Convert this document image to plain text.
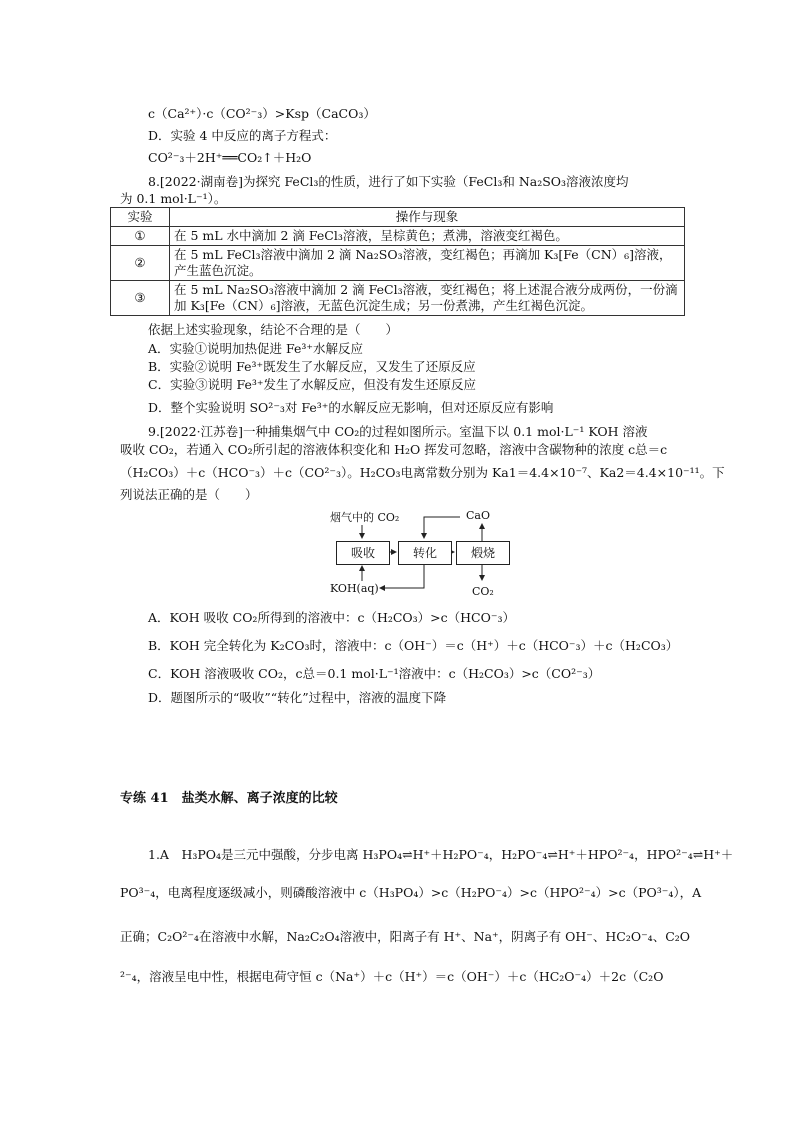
c（Ca²⁺）·c（CO²⁻₃）>Ksp（CaCO₃）
D．实验 4 中反应的离子方程式：
CO²⁻₃＋2H⁺══CO₂↑＋H₂O
8.[2022·湖南卷]为探究 FeCl₃的性质，进行了如下实验（FeCl₃和 Na₂SO₃溶液浓度均
为 0.1 mol·L⁻¹）。
实验	操作与现象
①	在 5 mL 水中滴加 2 滴 FeCl₃溶液，呈棕黄色；煮沸，溶液变红褐色。
②	在 5 mL FeCl₃溶液中滴加 2 滴 Na₂SO₃溶液，变红褐色；再滴加 K₃[Fe（CN）₆]溶液，产生蓝色沉淀。
③	在 5 mL Na₂SO₃溶液中滴加 2 滴 FeCl₃溶液，变红褐色；将上述混合液分成两份，一份滴加 K₃[Fe（CN）₆]溶液，无蓝色沉淀生成；另一份煮沸，产生红褐色沉淀。
依据上述实验现象，结论不合理的是（　　）
A．实验①说明加热促进 Fe³⁺水解反应
B．实验②说明 Fe³⁺既发生了水解反应，又发生了还原反应
C．实验③说明 Fe³⁺发生了水解反应，但没有发生还原反应
D．整个实验说明 SO²⁻₃对 Fe³⁺的水解反应无影响，但对还原反应有影响
9.[2022·江苏卷]一种捕集烟气中 CO₂的过程如图所示。室温下以 0.1 mol·L⁻¹ KOH 溶液
吸收 CO₂，若通入 CO₂所引起的溶液体积变化和 H₂O 挥发可忽略，溶液中含碳物种的浓度 c总＝c
（H₂CO₃）＋c（HCO⁻₃）＋c（CO²⁻₃）。H₂CO₃电离常数分别为 Ka1＝4.4×10⁻⁷、Ka2＝4.4×10⁻¹¹。下
列说法正确的是（　　）
烟气中的 CO₂	CaO
吸收	转化	煅烧
KOH(aq)	CO₂
A．KOH 吸收 CO₂所得到的溶液中：c（H₂CO₃）>c（HCO⁻₃）
B．KOH 完全转化为 K₂CO₃时，溶液中：c（OH⁻）＝c（H⁺）＋c（HCO⁻₃）＋c（H₂CO₃）
C．KOH 溶液吸收 CO₂，c总＝0.1 mol·L⁻¹溶液中：c（H₂CO₃）>c（CO²⁻₃）
D．题图所示的“吸收”“转化”过程中，溶液的温度下降
专练 41　盐类水解、离子浓度的比较
1.A　H₃PO₄是三元中强酸，分步电离 H₃PO₄⇌H⁺＋H₂PO⁻₄，H₂PO⁻₄⇌H⁺＋HPO²⁻₄，HPO²⁻₄⇌H⁺＋
PO³⁻₄，电离程度逐级减小，则磷酸溶液中 c（H₃PO₄）>c（H₂PO⁻₄）>c（HPO²⁻₄）>c（PO³⁻₄），A
正确；C₂O²⁻₄在溶液中水解，Na₂C₂O₄溶液中，阳离子有 H⁺、Na⁺，阴离子有 OH⁻、HC₂O⁻₄、C₂O
²⁻₄，溶液呈电中性，根据电荷守恒 c（Na⁺）＋c（H⁺）＝c（OH⁻）＋c（HC₂O⁻₄）＋2c（C₂O
